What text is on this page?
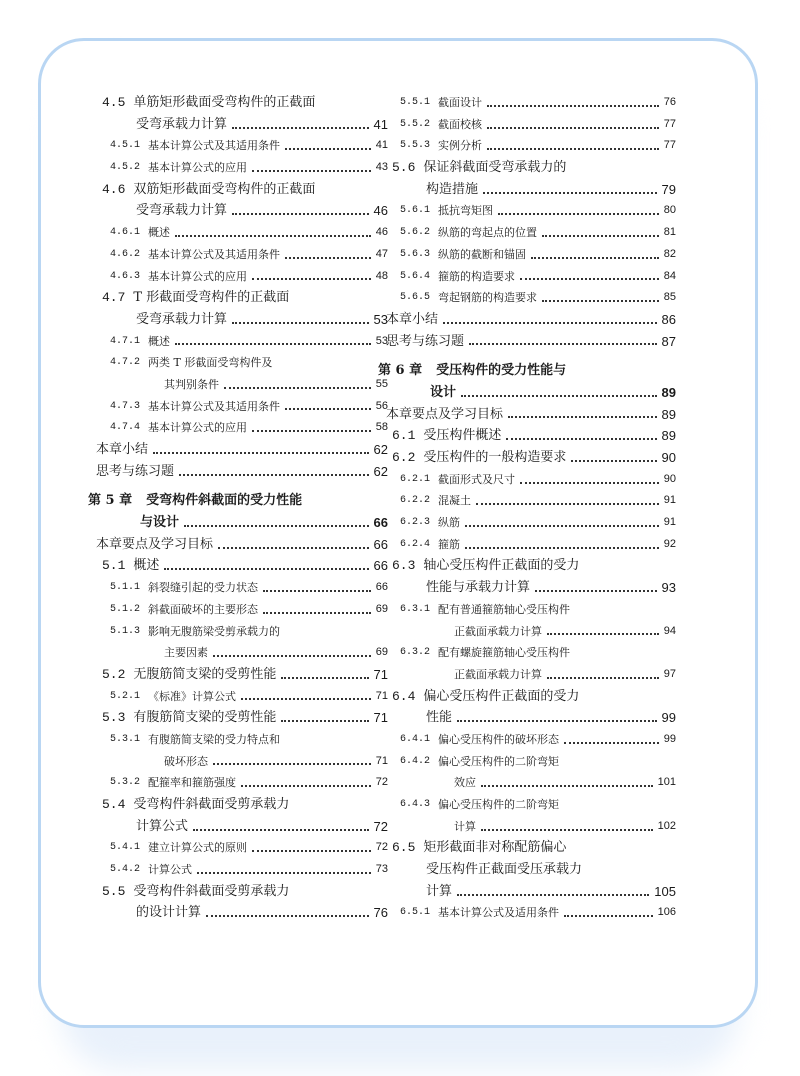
4.5 单筋矩形截面受弯构件的正截面
受弯承载力计算	41
4.5.1 基本计算公式及其适用条件	41
4.5.2 基本计算公式的应用	43
4.6 双筋矩形截面受弯构件的正截面
受弯承载力计算	46
4.6.1 概述	46
4.6.2 基本计算公式及其适用条件	47
4.6.3 基本计算公式的应用	48
4.7 T 形截面受弯构件的正截面
受弯承载力计算	53
4.7.1 概述	53
4.7.2 两类 T 形截面受弯构件及
其判别条件	55
4.7.3 基本计算公式及其适用条件	56
4.7.4 基本计算公式的应用	58
本章小结	62
思考与练习题	62
第 5 章 受弯构件斜截面的受力性能
与设计	66
本章要点及学习目标	66
5.1 概述	66
5.1.1 斜裂缝引起的受力状态	66
5.1.2 斜截面破坏的主要形态	69
5.1.3 影响无腹筋梁受剪承载力的
主要因素	69
5.2 无腹筋简支梁的受剪性能	71
5.2.1 《标准》计算公式	71
5.3 有腹筋简支梁的受剪性能	71
5.3.1 有腹筋简支梁的受力特点和
破坏形态	71
5.3.2 配箍率和箍筋强度	72
5.4 受弯构件斜截面受剪承载力
计算公式	72
5.4.1 建立计算公式的原则	72
5.4.2 计算公式	73
5.5 受弯构件斜截面受剪承载力
的设计计算	76
5.5.1 截面设计	76
5.5.2 截面校核	77
5.5.3 实例分析	77
5.6 保证斜截面受弯承载力的
构造措施	79
5.6.1 抵抗弯矩图	80
5.6.2 纵筋的弯起点的位置	81
5.6.3 纵筋的截断和锚固	82
5.6.4 箍筋的构造要求	84
5.6.5 弯起钢筋的构造要求	85
本章小结	86
思考与练习题	87
第 6 章 受压构件的受力性能与
设计	89
本章要点及学习目标	89
6.1 受压构件概述	89
6.2 受压构件的一般构造要求	90
6.2.1 截面形式及尺寸	90
6.2.2 混凝土	91
6.2.3 纵筋	91
6.2.4 箍筋	92
6.3 轴心受压构件正截面的受力
性能与承载力计算	93
6.3.1 配有普通箍筋轴心受压构件
正截面承载力计算	94
6.3.2 配有螺旋箍筋轴心受压构件
正截面承载力计算	97
6.4 偏心受压构件正截面的受力
性能	99
6.4.1 偏心受压构件的破坏形态	99
6.4.2 偏心受压构件的二阶弯矩
效应	101
6.4.3 偏心受压构件的二阶弯矩
计算	102
6.5 矩形截面非对称配筋偏心
受压构件正截面受压承载力
计算	105
6.5.1 基本计算公式及适用条件	106
